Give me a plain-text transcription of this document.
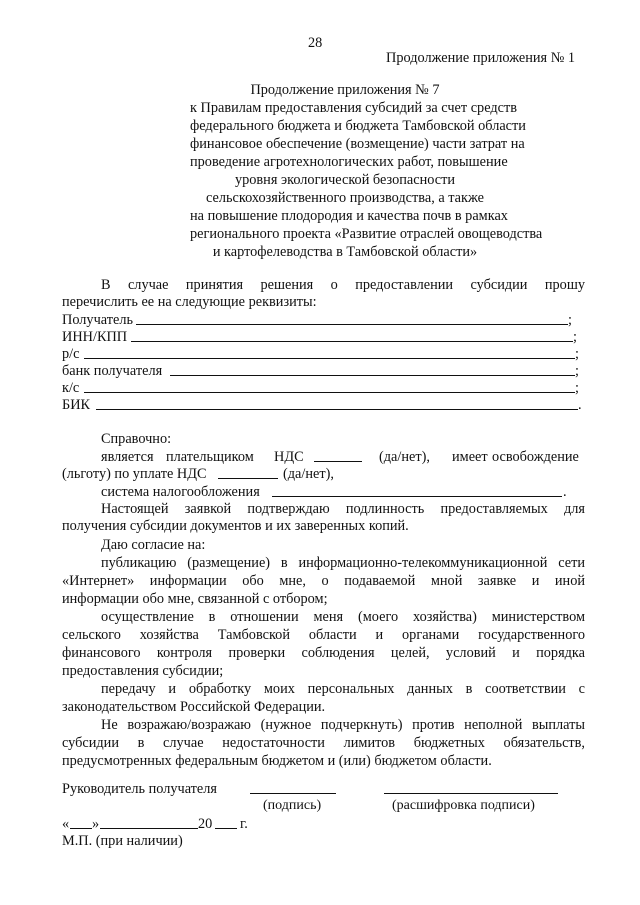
28
Продолжение приложения № 1
Продолжение приложения № 7
к Правилам предоставления субсидий за счет средств
федерального бюджета и бюджета Тамбовской области
финансовое обеспечение (возмещение) части затрат на
проведение агротехнологических работ, повышение
уровня экологической безопасности
сельскохозяйственного производства, а также
на повышение плодородия и качества почв в рамках
регионального проекта «Развитие отраслей овощеводства
и картофелеводства в Тамбовской области»
В случае принятия решения о предоставлении субсидии прошу
перечислить ее на следующие реквизиты:
Получатель	;
ИНН/КПП	;
р/с	;
банк получателя	;
к/с	;
БИК	.
Справочно:
является плательщиком НДС	(да/нет), имеет освобождение
(льготу) по уплате НДС	(да/нет),
система налогообложения	.
Настоящей заявкой подтверждаю подлинность предоставляемых для
получения субсидии документов и их заверенных копий.
Даю согласие на:
публикацию (размещение) в информационно-телекоммуникационной сети
«Интернет» информации обо мне, о подаваемой мной заявке и иной
информации обо мне, связанной с отбором;
осуществление в отношении меня (моего хозяйства) министерством
сельского хозяйства Тамбовской области и органами государственного
финансового контроля проверки соблюдения целей, условий и порядка
предоставления субсидии;
передачу и обработку моих персональных данных в соответствии с
законодательством Российской Федерации.
Не возражаю/возражаю (нужное подчеркнуть) против неполной выплаты
субсидии в случае недостаточности лимитов бюджетных обязательств,
предусмотренных федеральным бюджетом и (или) бюджетом области.
Руководитель получателя
(подпись)	(расшифровка подписи)
« »	20 г.
М.П. (при наличии)
